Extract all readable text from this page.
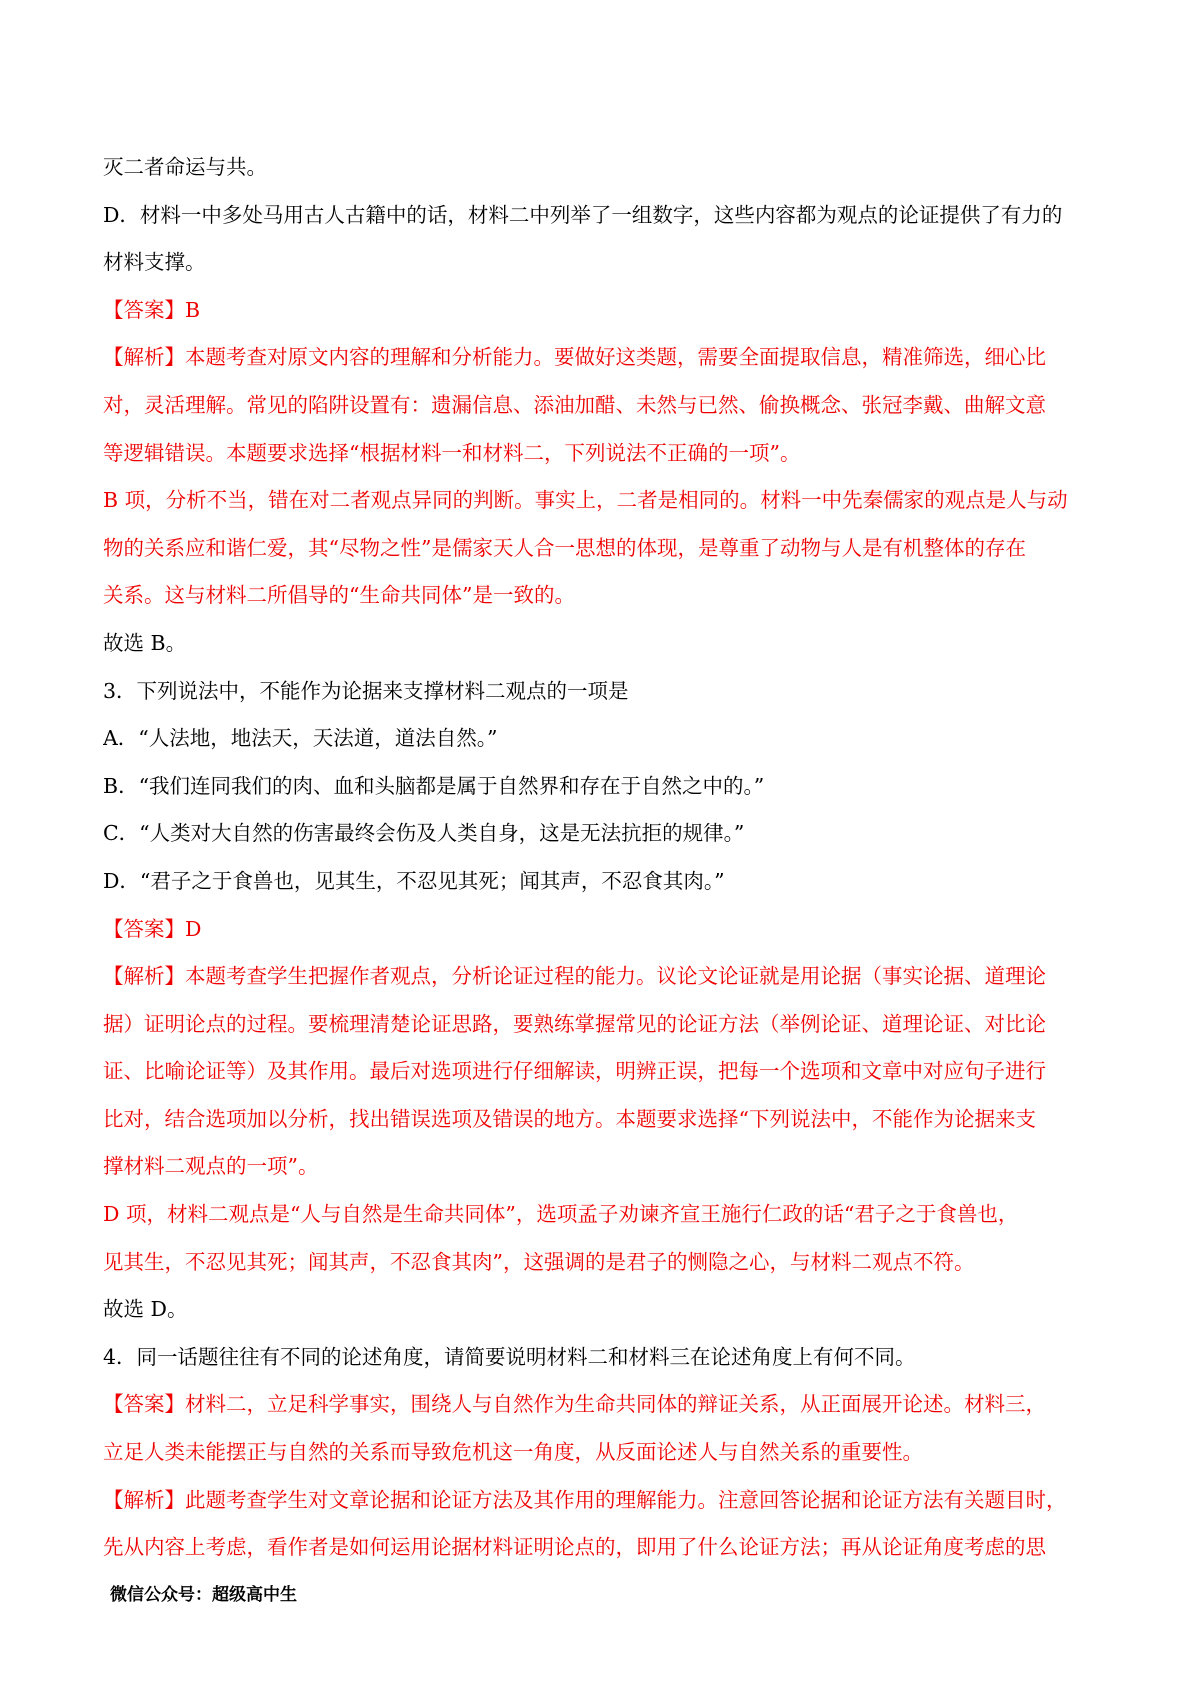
灭二者命运与共。
D．材料一中多处马用古人古籍中的话，材料二中列举了一组数字，这些内容都为观点的论证提供了有力的
材料支撑。
【答案】B
【解析】本题考查对原文内容的理解和分析能力。要做好这类题，需要全面提取信息，精准筛选，细心比
对，灵活理解。常见的陷阱设置有：遗漏信息、添油加醋、未然与已然、偷换概念、张冠李戴、曲解文意
等逻辑错误。本题要求选择“根据材料一和材料二，下列说法不正确的一项”。
B 项，分析不当，错在对二者观点异同的判断。事实上，二者是相同的。材料一中先秦儒家的观点是人与动
物的关系应和谐仁爱，其“尽物之性”是儒家天人合一思想的体现，是尊重了动物与人是有机整体的存在
关系。这与材料二所倡导的“生命共同体”是一致的。
故选 B。
3．下列说法中，不能作为论据来支撑材料二观点的一项是
A．“人法地，地法天，天法道，道法自然。”
B．“我们连同我们的肉、血和头脑都是属于自然界和存在于自然之中的。”
C．“人类对大自然的伤害最终会伤及人类自身，这是无法抗拒的规律。”
D．“君子之于食兽也，见其生，不忍见其死；闻其声，不忍食其肉。”
【答案】D
【解析】本题考查学生把握作者观点，分析论证过程的能力。议论文论证就是用论据（事实论据、道理论
据）证明论点的过程。要梳理清楚论证思路，要熟练掌握常见的论证方法（举例论证、道理论证、对比论
证、比喻论证等）及其作用。最后对选项进行仔细解读，明辨正误，把每一个选项和文章中对应句子进行
比对，结合选项加以分析，找出错误选项及错误的地方。本题要求选择“下列说法中，不能作为论据来支
撑材料二观点的一项”。
D 项，材料二观点是“人与自然是生命共同体”，选项孟子劝谏齐宣王施行仁政的话“君子之于食兽也，
见其生，不忍见其死；闻其声，不忍食其肉”，这强调的是君子的恻隐之心，与材料二观点不符。
故选 D。
4．同一话题往往有不同的论述角度，请简要说明材料二和材料三在论述角度上有何不同。
【答案】材料二，立足科学事实，围绕人与自然作为生命共同体的辩证关系，从正面展开论述。材料三，
立足人类未能摆正与自然的关系而导致危机这一角度，从反面论述人与自然关系的重要性。
【解析】此题考查学生对文章论据和论证方法及其作用的理解能力。注意回答论据和论证方法有关题目时，
先从内容上考虑，看作者是如何运用论据材料证明论点的，即用了什么论证方法；再从论证角度考虑的思
微信公众号：超级高中生
